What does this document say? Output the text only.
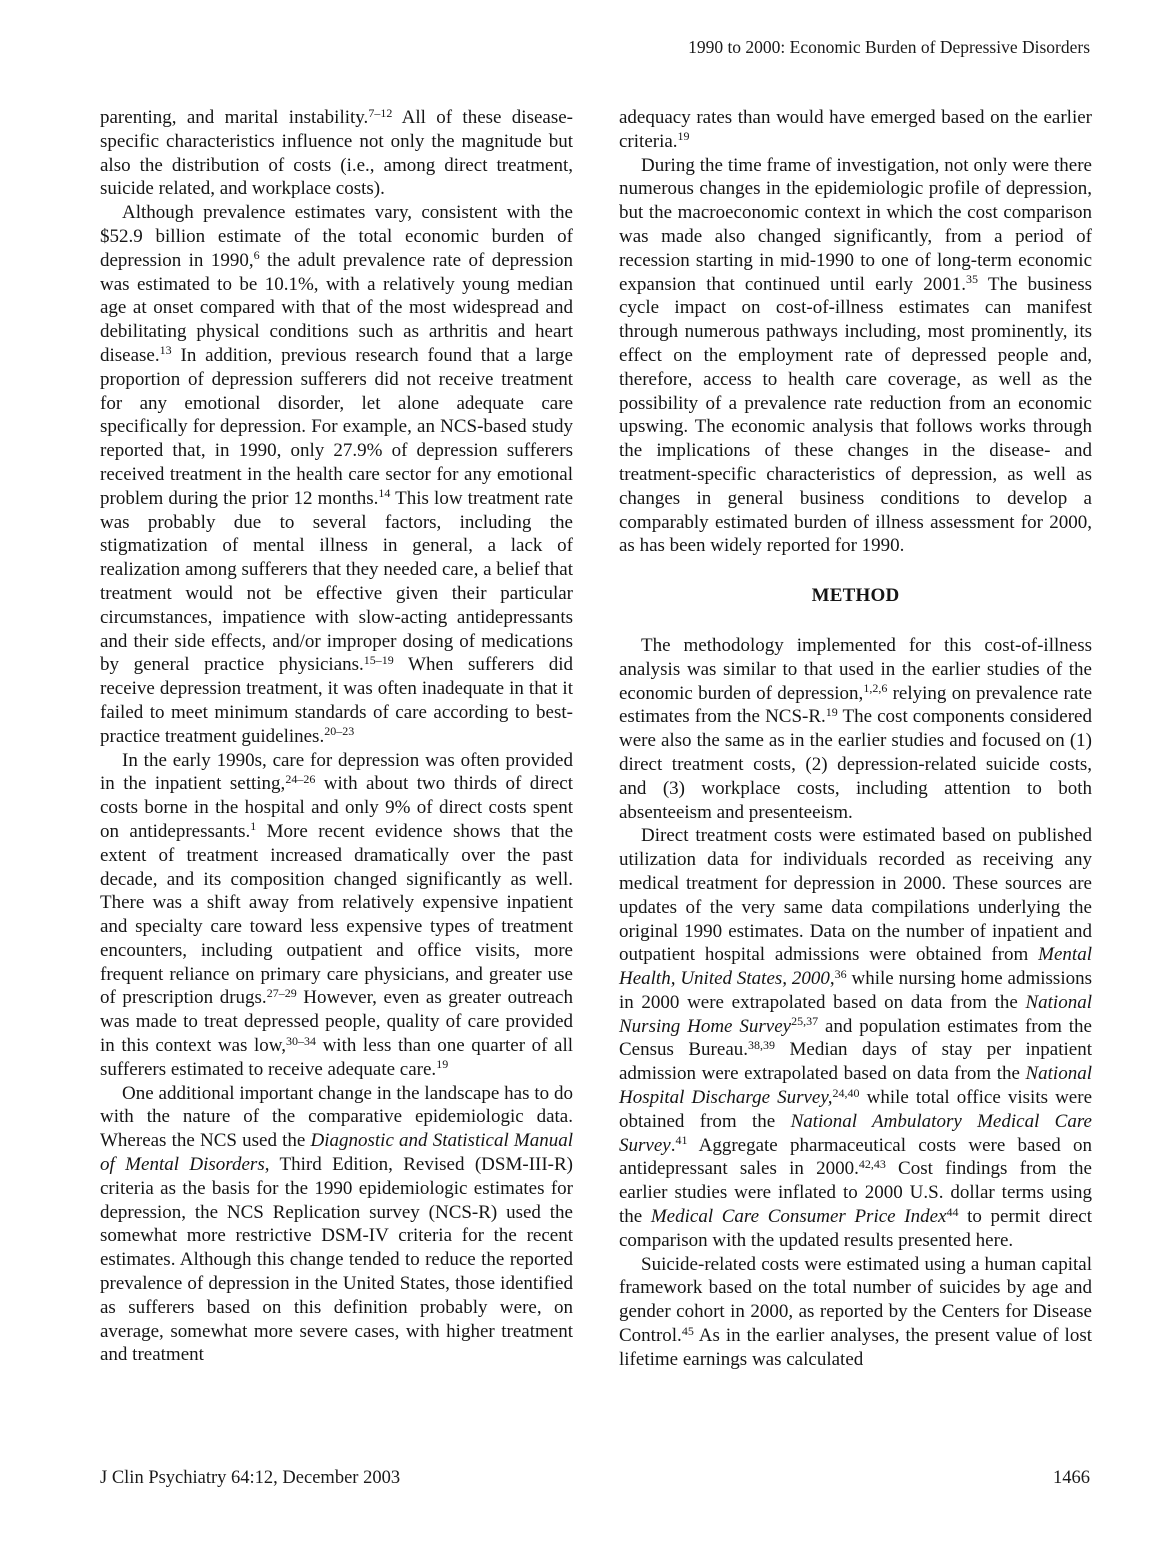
1990 to 2000: Economic Burden of Depressive Disorders

parenting, and marital instability.$^{7-12}$ All of these disease-specific characteristics influence not only the magnitude but also the distribution of costs (i.e., among direct treatment, suicide related, and workplace costs).

Although prevalence estimates vary, consistent with the $52.9 billion estimate of the total economic burden of depression in 1990,$^6$ the adult prevalence rate of depression was estimated to be 10.1%, with a relatively young median age at onset compared with that of the most widespread and debilitating physical conditions such as arthritis and heart disease.$^{13}$ In addition, previous research found that a large proportion of depression sufferers did not receive treatment for any emotional disorder, let alone adequate care specifically for depression. For example, an NCS-based study reported that, in 1990, only 27.9% of depression sufferers received treatment in the health care sector for any emotional problem during the prior 12 months.$^{14}$ This low treatment rate was probably due to several factors, including the stigmatization of mental illness in general, a lack of realization among sufferers that they needed care, a belief that treatment would not be effective given their particular circumstances, impatience with slow-acting antidepressants and their side effects, and/or improper dosing of medications by general practice physicians.$^{15-19}$ When sufferers did receive depression treatment, it was often inadequate in that it failed to meet minimum standards of care according to best-practice treatment guidelines.$^{20-23}$

In the early 1990s, care for depression was often provided in the inpatient setting,$^{24-26}$ with about two thirds of direct costs borne in the hospital and only 9% of direct costs spent on antidepressants.$^1$ More recent evidence shows that the extent of treatment increased dramatically over the past decade, and its composition changed significantly as well. There was a shift away from relatively expensive inpatient and specialty care toward less expensive types of treatment encounters, including outpatient and office visits, more frequent reliance on primary care physicians, and greater use of prescription drugs.$^{27-29}$ However, even as greater outreach was made to treat depressed people, quality of care provided in this context was low,$^{30-34}$ with less than one quarter of all sufferers estimated to receive adequate care.$^{19}$

One additional important change in the landscape has to do with the nature of the comparative epidemiologic data. Whereas the NCS used the Diagnostic and Statistical Manual of Mental Disorders, Third Edition, Revised (DSM-III-R) criteria as the basis for the 1990 epidemiologic estimates for depression, the NCS Replication survey (NCS-R) used the somewhat more restrictive DSM-IV criteria for the recent estimates. Although this change tended to reduce the reported prevalence of depression in the United States, those identified as sufferers based on this definition probably were, on average, somewhat more severe cases, with higher treatment and treatment

adequacy rates than would have emerged based on the earlier criteria.$^{19}$

During the time frame of investigation, not only were there numerous changes in the epidemiologic profile of depression, but the macroeconomic context in which the cost comparison was made also changed significantly, from a period of recession starting in mid-1990 to one of long-term economic expansion that continued until early 2001.35 The business cycle impact on cost-of-illness estimates can manifest through numerous pathways including, most prominently, its effect on the employment rate of depressed people and, therefore, access to health care coverage, as well as the possibility of a prevalence rate reduction from an economic upswing. The economic analysis that follows works through the implications of these changes in the disease- and treatment-specific characteristics of depression, as well as changes in general business conditions to develop a comparably estimated burden of illness assessment for 2000, as has been widely reported for 1990.

METHOD

The methodology implemented for this cost-of-illness analysis was similar to that used in the earlier studies of the economic burden of depression,$^{1,2,6}$ relying on prevalence rate estimates from the NCS-R.$^{19}$ The cost components considered were also the same as in the earlier studies and focused on (1) direct treatment costs, (2) depression-related suicide costs, and (3) workplace costs, including attention to both absenteeism and presenteeism.

Direct treatment costs were estimated based on published utilization data for individuals recorded as receiving any medical treatment for depression in 2000. These sources are updates of the very same data compilations underlying the original 1990 estimates. Data on the number of inpatient and outpatient hospital admissions were obtained from Mental Health, United States, 2000,36 while nursing home admissions in 2000 were extrapolated based on data from the National Nursing Home Survey$^{25,37}$ and population estimates from the Census Bureau.$^{38,39}$ Median days of stay per inpatient admission were extrapolated based on data from the National Hospital Discharge Survey,$^{24,40}$ while total office visits were obtained from the National Ambulatory Medical Care Survey.$^{41}$ Aggregate pharmaceutical costs were based on antidepressant sales in 2000.$^{42,43}$ Cost findings from the earlier studies were inflated to 2000 U.S. dollar terms using the Medical Care Consumer Price Index$^{44}$ to permit direct comparison with the updated results presented here.

Suicide-related costs were estimated using a human capital framework based on the total number of suicides by age and gender cohort in 2000, as reported by the Centers for Disease Control.$^{45}$ As in the earlier analyses, the present value of lost lifetime earnings was calculated

J Clin Psychiatry 64:12, December 2003	1466
